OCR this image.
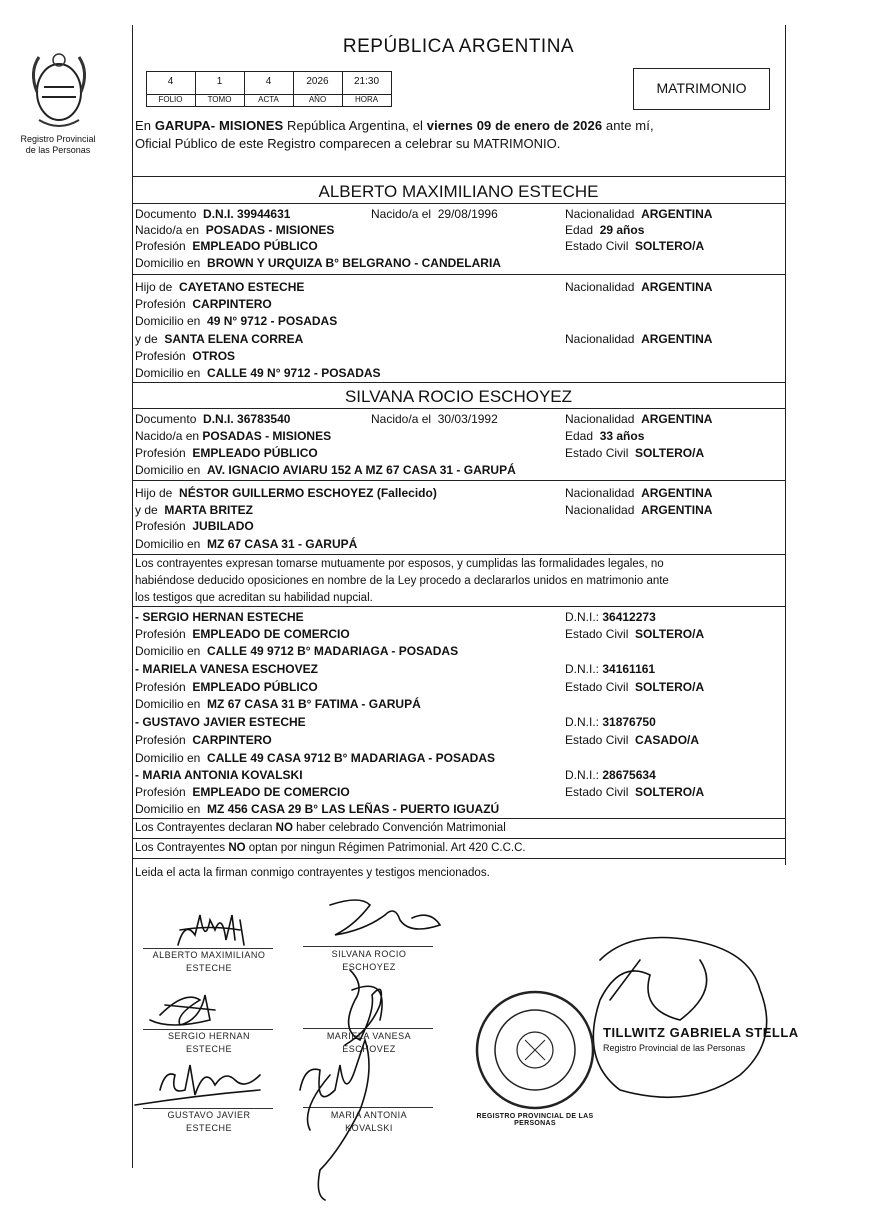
Registro Provincial
de las Personas
REPÚBLICA ARGENTINA
4	1	4	2026	21:30
FOLIO	TOMO	ACTA	AÑO	HORA
MATRIMONIO
En GARUPA- MISIONES República Argentina, el viernes 09 de enero de 2026 ante mí,
Oficial Público de este Registro comparecen a celebrar su MATRIMONIO.
ALBERTO MAXIMILIANO ESTECHE
Documento D.N.I. 39944631	Nacido/a el 29/08/1996	Nacionalidad ARGENTINA
Nacido/a en POSADAS - MISIONES	Edad 29 años
Profesión EMPLEADO PÚBLICO	Estado Civil SOLTERO/A
Domicilio en BROWN Y URQUIZA B° BELGRANO - CANDELARIA
Hijo de CAYETANO ESTECHE	Nacionalidad ARGENTINA
Profesión CARPINTERO
Domicilio en 49 N° 9712 - POSADAS
y de SANTA ELENA CORREA	Nacionalidad ARGENTINA
Profesión OTROS
Domicilio en CALLE 49 N° 9712 - POSADAS
SILVANA ROCIO ESCHOYEZ
Documento D.N.I. 36783540	Nacido/a el 30/03/1992	Nacionalidad ARGENTINA
Nacido/a en POSADAS - MISIONES	Edad 33 años
Profesión EMPLEADO PÚBLICO	Estado Civil SOLTERO/A
Domicilio en AV. IGNACIO AVIARU 152 A MZ 67 CASA 31 - GARUPÁ
Hijo de NÉSTOR GUILLERMO ESCHOYEZ (Fallecido)	Nacionalidad ARGENTINA
y de MARTA BRITEZ	Nacionalidad ARGENTINA
Profesión JUBILADO
Domicilio en MZ 67 CASA 31 - GARUPÁ
Los contrayentes expresan tomarse mutuamente por esposos, y cumplidas las formalidades legales, no
habiéndose deducido oposiciones en nombre de la Ley procedo a declararlos unidos en matrimonio ante
los testigos que acreditan su habilidad nupcial.
- SERGIO HERNAN ESTECHE	D.N.I.: 36412273
Profesión EMPLEADO DE COMERCIO	Estado Civil SOLTERO/A
Domicilio en CALLE 49 9712 B° MADARIAGA - POSADAS
- MARIELA VANESA ESCHOVEZ	D.N.I.: 34161161
Profesión EMPLEADO PÚBLICO	Estado Civil SOLTERO/A
Domicilio en MZ 67 CASA 31 B° FATIMA - GARUPÁ
- GUSTAVO JAVIER ESTECHE	D.N.I.: 31876750
Profesión CARPINTERO	Estado Civil CASADO/A
Domicilio en CALLE 49 CASA 9712 B° MADARIAGA - POSADAS
- MARIA ANTONIA KOVALSKI	D.N.I.: 28675634
Profesión EMPLEADO DE COMERCIO	Estado Civil SOLTERO/A
Domicilio en MZ 456 CASA 29 B° LAS LEÑAS - PUERTO IGUAZÚ
Los Contrayentes declaran NO haber celebrado Convención Matrimonial
Los Contrayentes NO optan por ningun Régimen Patrimonial. Art 420 C.C.C.
Leida el acta la firman conmigo contrayentes y testigos mencionados.
ALBERTO MAXIMILIANO
ESTECHE
SILVANA ROCIO
ESCHOYEZ
SERGIO HERNAN
ESTECHE
MARIELA VANESA
ESCHOVEZ
GUSTAVO JAVIER
ESTECHE
MARIA ANTONIA
KOVALSKI
TILLWITZ GABRIELA STELLA
Registro Provincial de las Personas
REGISTRO PROVINCIAL DE LAS PERSONAS
